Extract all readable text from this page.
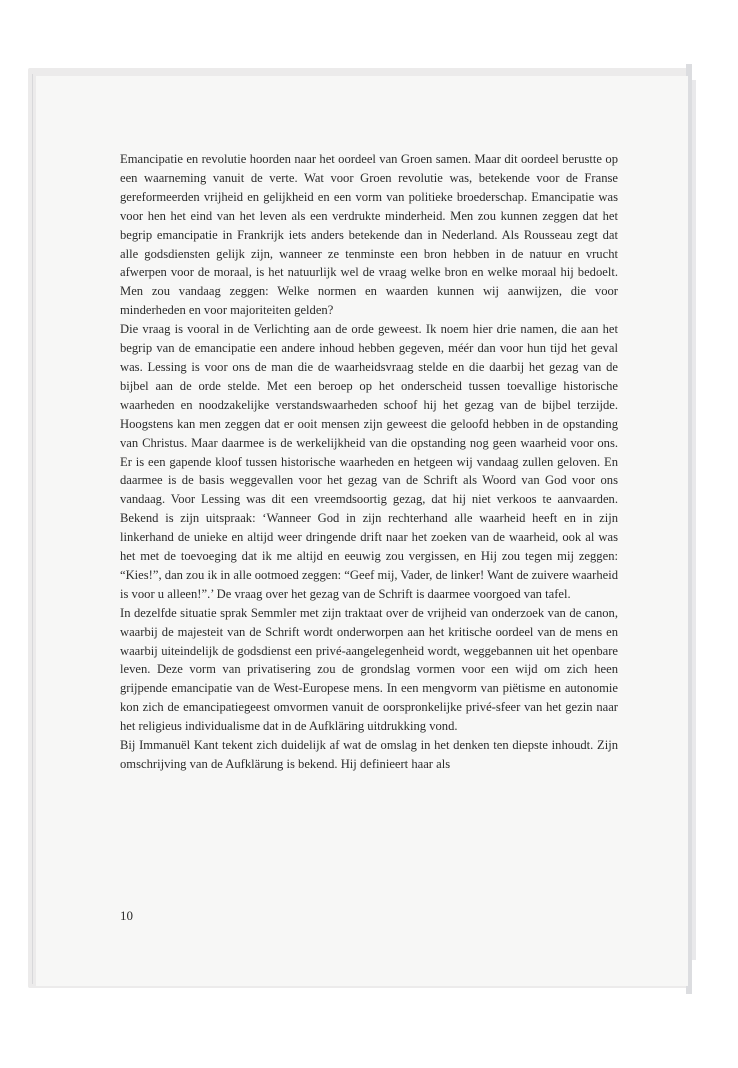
Emancipatie en revolutie hoorden naar het oordeel van Groen samen. Maar dit oordeel berustte op een waarneming vanuit de verte. Wat voor Groen revolutie was, betekende voor de Franse gereformeerden vrijheid en gelijkheid en een vorm van politieke broederschap. Emancipatie was voor hen het eind van het leven als een verdrukte minderheid. Men zou kunnen zeggen dat het begrip emancipatie in Frankrijk iets anders betekende dan in Nederland. Als Rousseau zegt dat alle godsdiensten gelijk zijn, wanneer ze tenminste een bron hebben in de natuur en vrucht afwerpen voor de moraal, is het natuurlijk wel de vraag welke bron en welke moraal hij bedoelt. Men zou vandaag zeggen: Welke normen en waarden kunnen wij aanwijzen, die voor minderheden en voor majoriteiten gelden?

Die vraag is vooral in de Verlichting aan de orde geweest. Ik noem hier drie namen, die aan het begrip van de emancipatie een andere inhoud hebben gegeven, méér dan voor hun tijd het geval was. Lessing is voor ons de man die de waarheidsvraag stelde en die daarbij het gezag van de bijbel aan de orde stelde. Met een beroep op het onderscheid tussen toevallige historische waarheden en noodzakelijke verstandswaarheden schoof hij het gezag van de bijbel terzijde. Hoogstens kan men zeggen dat er ooit mensen zijn geweest die geloofd hebben in de opstanding van Christus. Maar daarmee is de werkelijkheid van die opstanding nog geen waarheid voor ons. Er is een gapende kloof tussen historische waarheden en hetgeen wij vandaag zullen geloven. En daarmee is de basis weggevallen voor het gezag van de Schrift als Woord van God voor ons vandaag. Voor Lessing was dit een vreemdsoortig gezag, dat hij niet verkoos te aanvaarden. Bekend is zijn uitspraak: ‘Wanneer God in zijn rechterhand alle waarheid heeft en in zijn linkerhand de unieke en altijd weer dringende drift naar het zoeken van de waarheid, ook al was het met de toevoeging dat ik me altijd en eeuwig zou vergissen, en Hij zou tegen mij zeggen: “Kies!”, dan zou ik in alle ootmoed zeggen: “Geef mij, Vader, de linker! Want de zuivere waarheid is voor u alleen!”.’ De vraag over het gezag van de Schrift is daarmee voorgoed van tafel.

In dezelfde situatie sprak Semmler met zijn traktaat over de vrijheid van onderzoek van de canon, waarbij de majesteit van de Schrift wordt onderworpen aan het kritische oordeel van de mens en waarbij uiteindelijk de godsdienst een privé-aangelegenheid wordt, weggebannen uit het openbare leven. Deze vorm van privatisering zou de grondslag vormen voor een wijd om zich heen grijpende emancipatie van de West-Europese mens. In een mengvorm van piëtisme en autonomie kon zich de emancipatiegeest omvormen vanuit de oorspronkelijke privé-sfeer van het gezin naar het religieus individualisme dat in de Aufkläring uitdrukking vond.

Bij Immanuël Kant tekent zich duidelijk af wat de omslag in het denken ten diepste inhoudt. Zijn omschrijving van de Aufklärung is bekend. Hij definieert haar als

10
